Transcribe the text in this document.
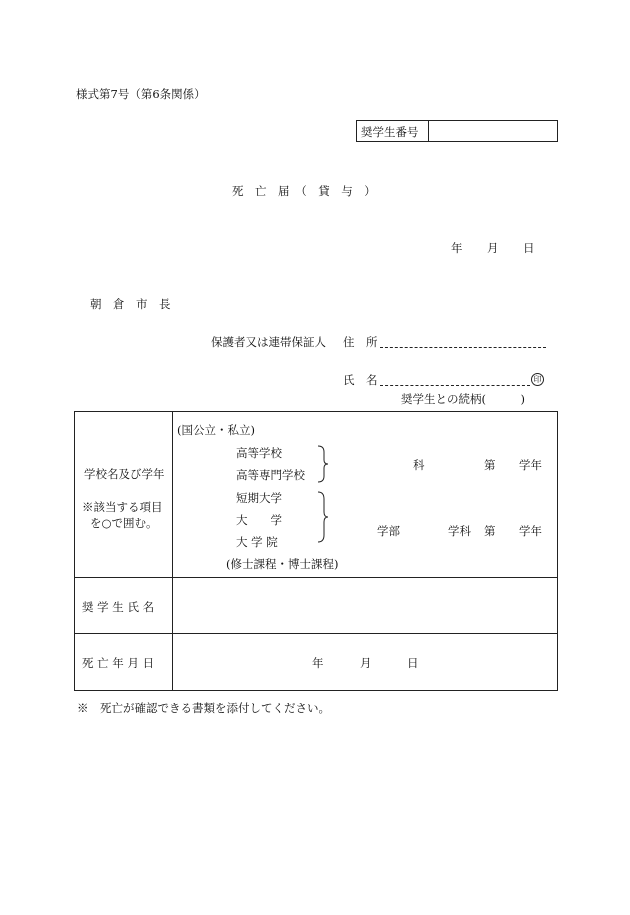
様式第7号（第6条関係）
奨学生番号
死　亡　届　（　貸　与　）
年 月 日
朝　倉　市　長
保護者又は連帯保証人 住　所
氏　名	印
奨学生との続柄(　　　)
学校名及び学年
※該当する項目
を○で囲む。
(国公立・私立)
高等学校
高等専門学校
科	第 学年
短期大学
大　　学
大 学 院
学部	学科 第 学年
(修士課程・博士課程)
奨 学 生 氏 名
死 亡 年 月 日	年	月	日
※　死亡が確認できる書類を添付してください。
